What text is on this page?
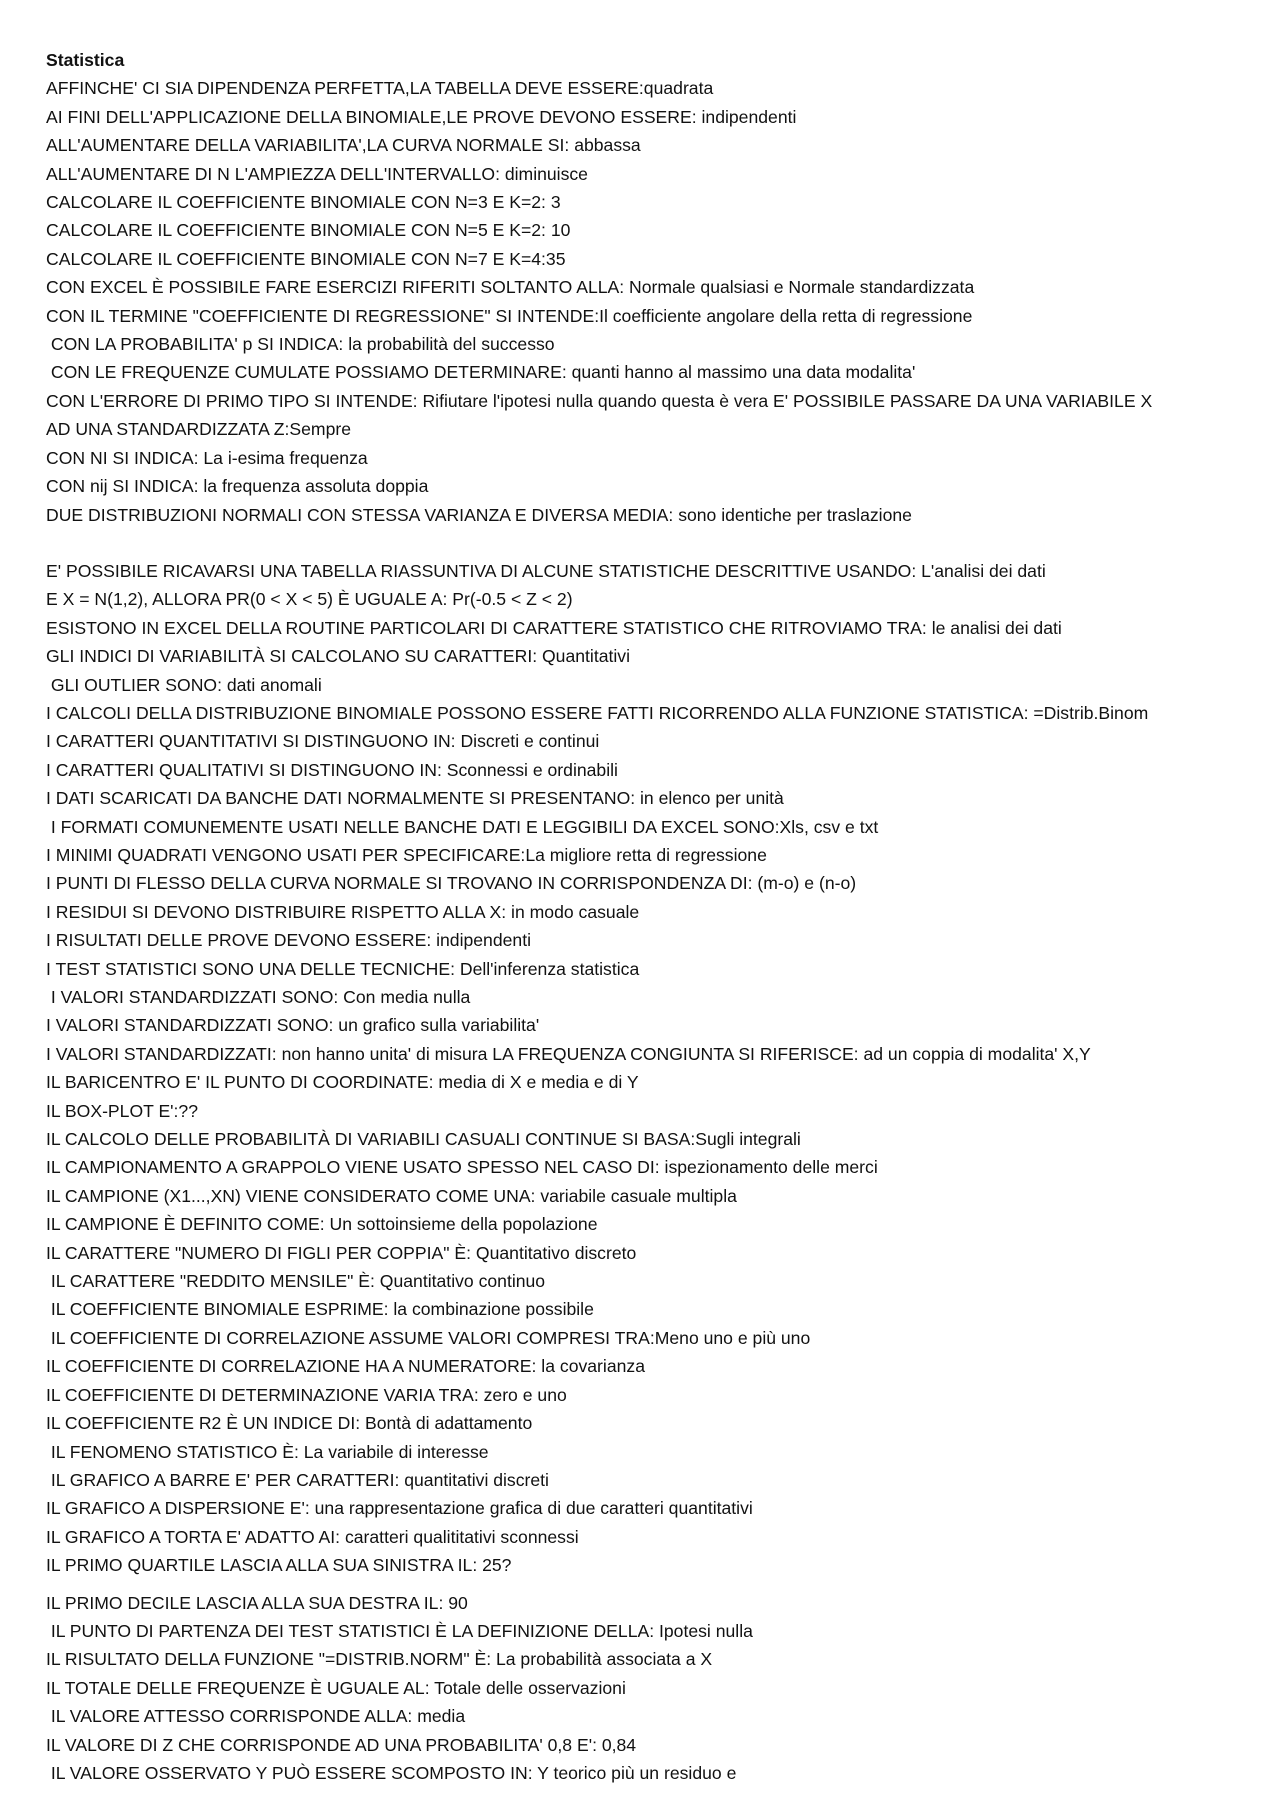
Statistica
AFFINCHE' CI SIA DIPENDENZA PERFETTA,LA TABELLA DEVE ESSERE:quadrata
AI FINI DELL'APPLICAZIONE DELLA BINOMIALE,LE PROVE DEVONO ESSERE: indipendenti
ALL'AUMENTARE DELLA VARIABILITA',LA CURVA NORMALE SI: abbassa
ALL'AUMENTARE DI N L'AMPIEZZA DELL'INTERVALLO: diminuisce
CALCOLARE IL COEFFICIENTE BINOMIALE CON N=3 E K=2: 3
CALCOLARE IL COEFFICIENTE BINOMIALE CON N=5 E K=2: 10
CALCOLARE IL COEFFICIENTE BINOMIALE CON N=7 E K=4:35
CON EXCEL È POSSIBILE FARE ESERCIZI RIFERITI SOLTANTO ALLA: Normale qualsiasi e Normale standardizzata
CON IL TERMINE "COEFFICIENTE DI REGRESSIONE" SI INTENDE:Il coefficiente angolare della retta di regressione
CON LA PROBABILITA' p SI INDICA: la probabilità del successo
CON LE FREQUENZE CUMULATE POSSIAMO DETERMINARE: quanti hanno al massimo una data modalita'
CON L'ERRORE DI PRIMO TIPO SI INTENDE: Rifiutare l'ipotesi nulla quando questa è vera E' POSSIBILE PASSARE DA UNA VARIABILE X
AD UNA STANDARDIZZATA Z:Sempre
CON NI SI INDICA: La i-esima frequenza
CON nij SI INDICA: la frequenza assoluta doppia
DUE DISTRIBUZIONI NORMALI CON STESSA VARIANZA E DIVERSA MEDIA: sono identiche per traslazione
E' POSSIBILE RICAVARSI UNA TABELLA RIASSUNTIVA DI ALCUNE STATISTICHE DESCRITTIVE USANDO: L'analisi dei dati
E X = N(1,2), ALLORA PR(0 < X < 5) È UGUALE A: Pr(-0.5 < Z < 2)
ESISTONO IN EXCEL DELLA ROUTINE PARTICOLARI DI CARATTERE STATISTICO CHE RITROVIAMO TRA: le analisi dei dati
GLI INDICI DI VARIABILITÀ SI CALCOLANO SU CARATTERI: Quantitativi
GLI OUTLIER SONO: dati anomali
I CALCOLI DELLA DISTRIBUZIONE BINOMIALE POSSONO ESSERE FATTI RICORRENDO ALLA FUNZIONE STATISTICA: =Distrib.Binom
I CARATTERI QUANTITATIVI SI DISTINGUONO IN: Discreti e continui
I CARATTERI QUALITATIVI SI DISTINGUONO IN: Sconnessi e ordinabili
I DATI SCARICATI DA BANCHE DATI NORMALMENTE SI PRESENTANO: in elenco per unità
I FORMATI COMUNEMENTE USATI NELLE BANCHE DATI E LEGGIBILI DA EXCEL SONO:Xls, csv e txt
I MINIMI QUADRATI VENGONO USATI PER SPECIFICARE:La migliore retta di regressione
I PUNTI DI FLESSO DELLA CURVA NORMALE SI TROVANO IN CORRISPONDENZA DI: (m-o) e (n-o)
I RESIDUI SI DEVONO DISTRIBUIRE RISPETTO ALLA X: in modo casuale
I RISULTATI DELLE PROVE DEVONO ESSERE: indipendenti
I TEST STATISTICI SONO UNA DELLE TECNICHE: Dell'inferenza statistica
I VALORI STANDARDIZZATI SONO: Con media nulla
I VALORI STANDARDIZZATI SONO: un grafico sulla variabilita'
I VALORI STANDARDIZZATI: non hanno unita' di misura LA FREQUENZA CONGIUNTA SI RIFERISCE: ad un coppia di modalita' X,Y
IL BARICENTRO E' IL PUNTO DI COORDINATE: media di X e media e di Y
IL BOX-PLOT E':??
IL CALCOLO DELLE PROBABILITÀ DI VARIABILI CASUALI CONTINUE SI BASA:Sugli integrali
IL CAMPIONAMENTO A GRAPPOLO VIENE USATO SPESSO NEL CASO DI: ispezionamento delle merci
IL CAMPIONE (X1...,XN) VIENE CONSIDERATO COME UNA: variabile casuale multipla
IL CAMPIONE È DEFINITO COME: Un sottoinsieme della popolazione
IL CARATTERE "NUMERO DI FIGLI PER COPPIA" È: Quantitativo discreto
IL CARATTERE "REDDITO MENSILE" È: Quantitativo continuo
IL COEFFICIENTE BINOMIALE ESPRIME: la combinazione possibile
IL COEFFICIENTE DI CORRELAZIONE ASSUME VALORI COMPRESI TRA:Meno uno e più uno
IL COEFFICIENTE DI CORRELAZIONE HA A NUMERATORE: la covarianza
IL COEFFICIENTE DI DETERMINAZIONE VARIA TRA: zero e uno
IL COEFFICIENTE R2 È UN INDICE DI: Bontà di adattamento
IL FENOMENO STATISTICO È: La variabile di interesse
IL GRAFICO A BARRE E' PER CARATTERI: quantitativi discreti
IL GRAFICO A DISPERSIONE E': una rappresentazione grafica di due caratteri quantitativi
IL GRAFICO A TORTA E' ADATTO AI: caratteri qualititativi sconnessi
IL PRIMO QUARTILE LASCIA ALLA SUA SINISTRA IL: 25?
IL PRIMO DECILE LASCIA ALLA SUA DESTRA IL: 90
IL PUNTO DI PARTENZA DEI TEST STATISTICI È LA DEFINIZIONE DELLA: Ipotesi nulla
IL RISULTATO DELLA FUNZIONE "=DISTRIB.NORM" È: La probabilità associata a X
IL TOTALE DELLE FREQUENZE È UGUALE AL: Totale delle osservazioni
IL VALORE ATTESSO CORRISPONDE ALLA: media
IL VALORE DI Z CHE CORRISPONDE AD UNA PROBABILITA' 0,8 E': 0,84
IL VALORE OSSERVATO Y PUÒ ESSERE SCOMPOSTO IN: Y teorico più un residuo e
